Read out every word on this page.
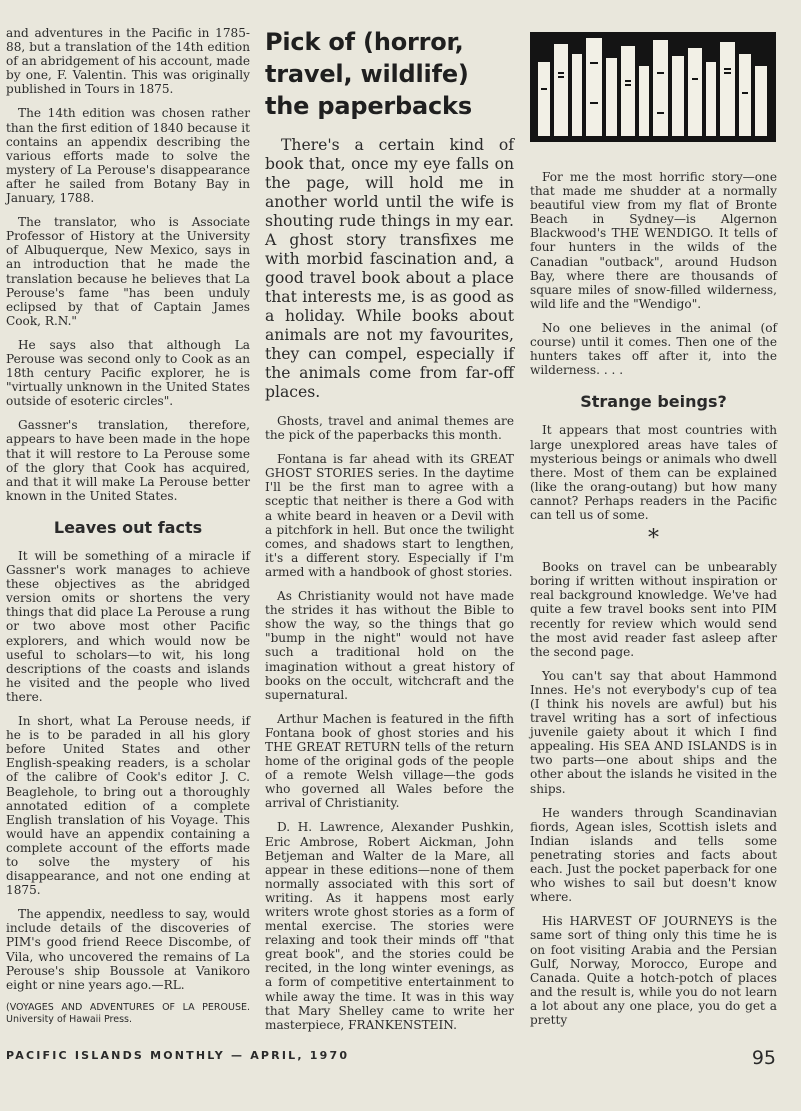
and adventures in the Pacific in 1785-88, but a translation of the 14th edition of an abridgement of his account, made by one, F. Valentin. This was originally published in Tours in 1875.

The 14th edition was chosen rather than the first edition of 1840 because it contains an appendix describing the various efforts made to solve the mystery of La Perouse's disappearance after he sailed from Botany Bay in January, 1788.

The translator, who is Associate Professor of History at the University of Albuquerque, New Mexico, says in an introduction that he made the translation because he believes that La Perouse's fame "has been unduly eclipsed by that of Captain James Cook, R.N."

He says also that although La Perouse was second only to Cook as an 18th century Pacific explorer, he is "virtually unknown in the United States outside of esoteric circles".

Gassner's translation, therefore, appears to have been made in the hope that it will restore to La Perouse some of the glory that Cook has acquired, and that it will make La Perouse better known in the United States.

Leaves out facts

It will be something of a miracle if Gassner's work manages to achieve these objectives as the abridged version omits or shortens the very things that did place La Perouse a rung or two above most other Pacific explorers, and which would now be useful to scholars—to wit, his long descriptions of the coasts and islands he visited and the people who lived there.

In short, what La Perouse needs, if he is to be paraded in all his glory before United States and other English-speaking readers, is a scholar of the calibre of Cook's editor J. C. Beaglehole, to bring out a thoroughly annotated edition of a complete English translation of his Voyage. This would have an appendix containing a complete account of the efforts made to solve the mystery of his disappearance, and not one ending at 1875.

The appendix, needless to say, would include details of the discoveries of PIM's good friend Reece Discombe, of Vila, who uncovered the remains of La Perouse's ship Boussole at Vanikoro eight or nine years ago.—RL.

(VOYAGES AND ADVENTURES OF LA PEROUSE. University of Hawaii Press.

Pick of (horror,
travel, wildlife)
the paperbacks

There's a certain kind of book that, once my eye falls on the page, will hold me in another world until the wife is shouting rude things in my ear. A ghost story transfixes me with morbid fascination and, a good travel book about a place that interests me, is as good as a holiday. While books about animals are not my favourites, they can compel, especially if the animals come from far-off places.

Ghosts, travel and animal themes are the pick of the paperbacks this month.

Fontana is far ahead with its GREAT GHOST STORIES series. In the daytime I'll be the first man to agree with a sceptic that neither is there a God with a white beard in heaven or a Devil with a pitchfork in hell. But once the twilight comes, and shadows start to lengthen, it's a different story. Especially if I'm armed with a handbook of ghost stories.

As Christianity would not have made the strides it has without the Bible to show the way, so the things that go "bump in the night" would not have such a traditional hold on the imagination without a great history of books on the occult, witchcraft and the supernatural.

Arthur Machen is featured in the fifth Fontana book of ghost stories and his THE GREAT RETURN tells of the return home of the original gods of the people of a remote Welsh village—the gods who governed all Wales before the arrival of Christianity.

D. H. Lawrence, Alexander Pushkin, Eric Ambrose, Robert Aickman, John Betjeman and Walter de la Mare, all appear in these editions—none of them normally associated with this sort of writing. As it happens most early writers wrote ghost stories as a form of mental exercise. The stories were relaxing and took their minds off "that great book", and the stories could be recited, in the long winter evenings, as a form of competitive entertainment to while away the time. It was in this way that Mary Shelley came to write her masterpiece, FRANKENSTEIN.

For me the most horrific story—one that made me shudder at a normally beautiful view from my flat of Bronte Beach in Sydney—is Algernon Blackwood's THE WENDIGO. It tells of four hunters in the wilds of the Canadian "outback", around Hudson Bay, where there are thousands of square miles of snow-filled wilderness, wild life and the "Wendigo".

No one believes in the animal (of course) until it comes. Then one of the hunters takes off after it, into the wilderness. . . .

Strange beings?

It appears that most countries with large unexplored areas have tales of mysterious beings or animals who dwell there. Most of them can be explained (like the orang-outang) but how many cannot? Perhaps readers in the Pacific can tell us of some.

*

Books on travel can be unbearably boring if written without inspiration or real background knowledge. We've had quite a few travel books sent into PIM recently for review which would send the most avid reader fast asleep after the second page.

You can't say that about Hammond Innes. He's not everybody's cup of tea (I think his novels are awful) but his travel writing has a sort of infectious juvenile gaiety about it which I find appealing. His SEA AND ISLANDS is in two parts—one about ships and the other about the islands he visited in the ships.

He wanders through Scandinavian fiords, Agean isles, Scottish islets and Indian islands and tells some penetrating stories and facts about each. Just the pocket paperback for one who wishes to sail but doesn't know where.

His HARVEST OF JOURNEYS is the same sort of thing only this time he is on foot visiting Arabia and the Persian Gulf, Norway, Morocco, Europe and Canada. Quite a hotch-potch of places and the result is, while you do not learn a lot about any one place, you do get a pretty

PACIFIC ISLANDS MONTHLY — APRIL, 1970	95
